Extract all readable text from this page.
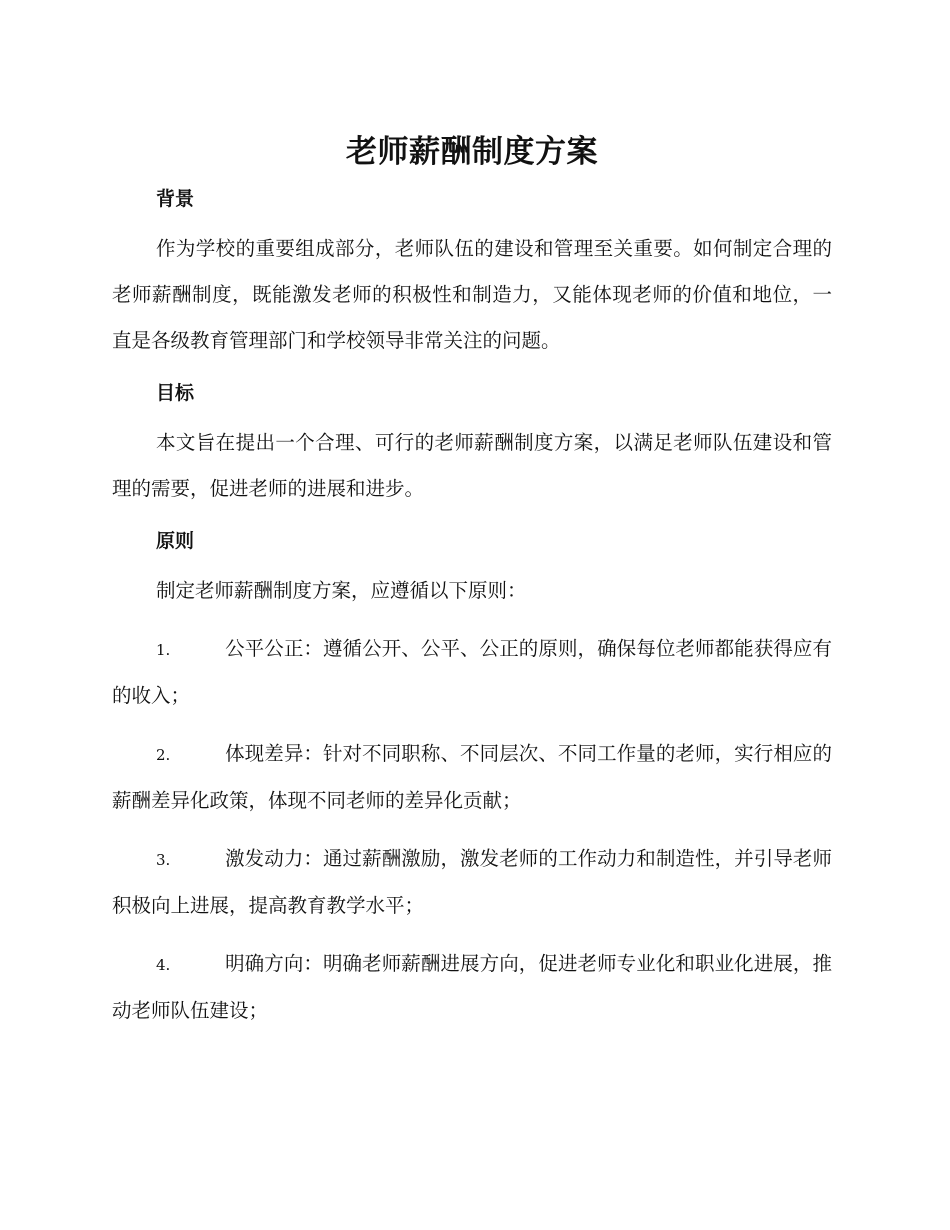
老师薪酬制度方案
背景

作为学校的重要组成部分，老师队伍的建设和管理至关重要。如何制定合理的老师薪酬制度，既能激发老师的积极性和制造力，又能体现老师的价值和地位，一直是各级教育管理部门和学校领导非常关注的问题。

目标

本文旨在提出一个合理、可行的老师薪酬制度方案，以满足老师队伍建设和管理的需要，促进老师的进展和进步。

原则

制定老师薪酬制度方案，应遵循以下原则：

1.	公平公正：遵循公开、公平、公正的原则，确保每位老师都能获得应有的收入；
2.	体现差异：针对不同职称、不同层次、不同工作量的老师，实行相应的薪酬差异化政策，体现不同老师的差异化贡献；
3.	激发动力：通过薪酬激励，激发老师的工作动力和制造性，并引导老师积极向上进展，提高教育教学水平；
4.	明确方向：明确老师薪酬进展方向，促进老师专业化和职业化进展，推动老师队伍建设；
